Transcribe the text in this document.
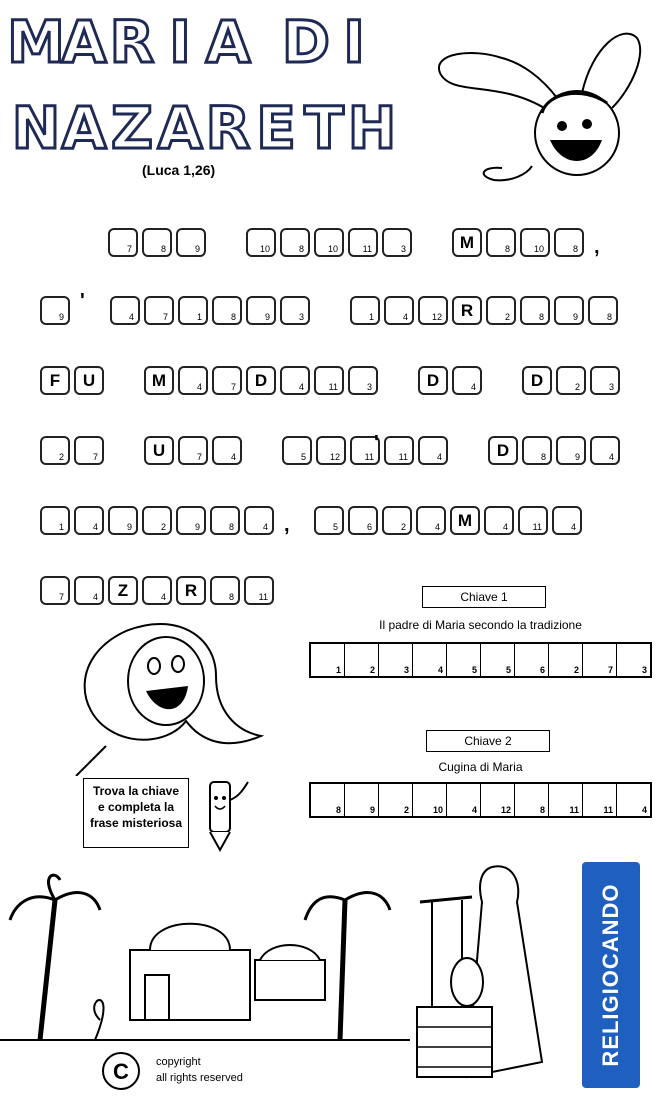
M
A R I A D I
N A Z A R E T H
(Luca 1,26)
7	8	9	10	8	10	11	3	M	8	10	8 ,
9
'
4	7	1	8	9	3	1	4	12	R	2	8	9	8
F	U	M	4	7	D	4	11	3	D	4	D	2	3
2	7	U	7	4	5	12	11
'
11	4	D	8	9	4
1	4	9	2	9	8	4 ,	5	6	2	4	M	4	11	4
7	4	Z	4	R	8	11	Chiave 1
Il padre di Maria secondo la tradizione
1	2	3	4	5	5	6	2	7	3
Chiave 2
Cugina di Maria
8	9	2	10	4	12	8	11	11	4
Trova la chiave
e completa la
frase misteriosa
C copyright
all rights reserved
RELIGIOCANDO
